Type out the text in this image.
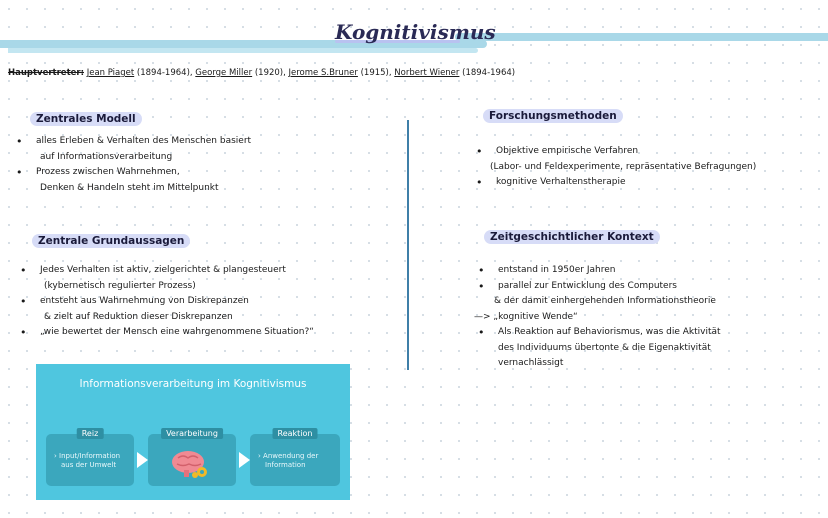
Kognitivismus
Hauptvertreter: Jean Piaget (1894-1964), George Miller (1920), Jerome S.Bruner (1915), Norbert Wiener (1894-1964)
Zentrales Modell
• alles Erleben & Verhalten des Menschen basiert
auf Informationsverarbeitung
• Prozess zwischen Wahrnehmen,
Denken & Handeln steht im Mittelpunkt
Zentrale Grundaussagen
• Jedes Verhalten ist aktiv, zielgerichtet & plangesteuert
(kybernetisch regulierter Prozess)
• entsteht aus Wahrnehmung von Diskrepanzen
& zielt auf Reduktion dieser Diskrepanzen
• „wie bewertet der Mensch eine wahrgenommene Situation?“
Forschungsmethoden
• Objektive empirische Verfahren
(Labor- und Feldexperimente, repräsentative Befragungen)
• kognitive Verhaltenstherapie
Zeitgeschichtlicher Kontext
• entstand in 1950er Jahren
• parallel zur Entwicklung des Computers
& der damit einhergehenden Informationstheorie
—> „kognitive Wende“
• Als Reaktion auf Behaviorismus, was die Aktivität
des Individuums übertonte & die Eigenaktivität
vernachlässigt
Informationsverarbeitung im Kognitivismus
Reiz
› Input/Information
aus der Umwelt
Verarbeitung	Reaktion
› Anwendung der
Information
